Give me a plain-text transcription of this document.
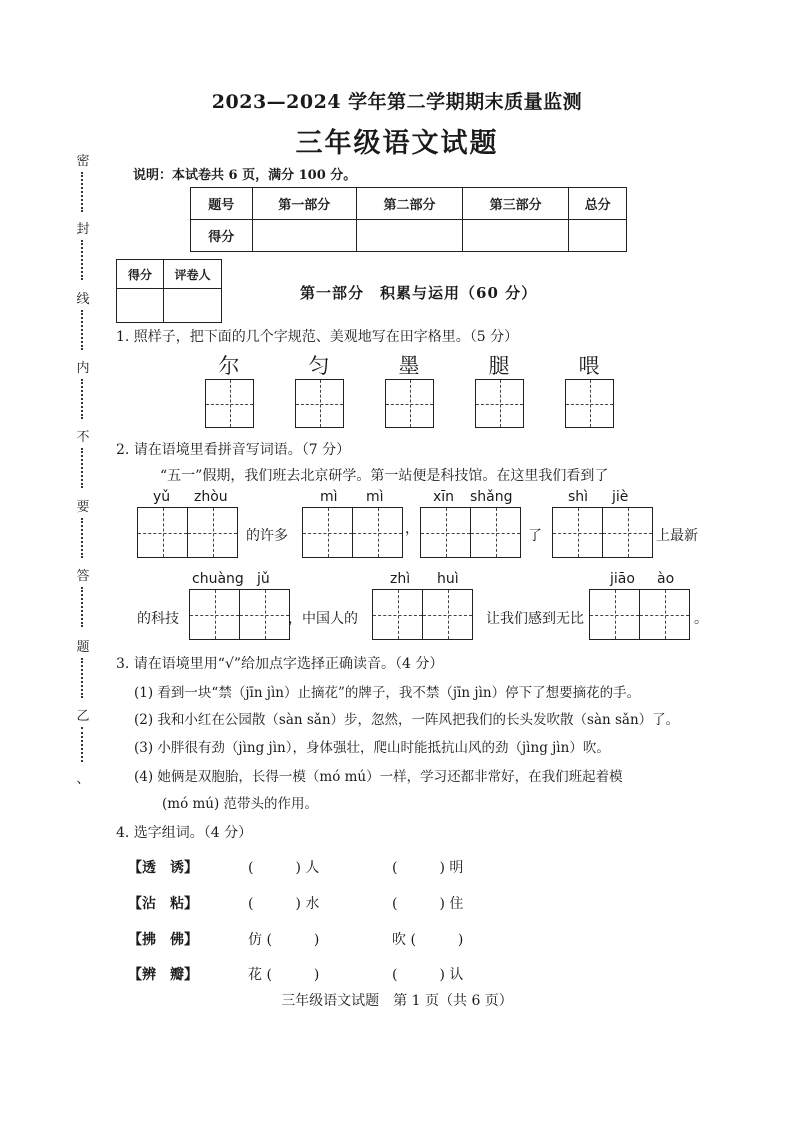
密
封
线
内
不
要
答
题
乙
、
2023—2024 学年第二学期期末质量监测
三年级语文试题
说明：本试卷共 6 页，满分 100 分。
题号	第一部分	第二部分	第三部分	总分
得分				
得分	评卷人

第一部分　积累与运用（60 分）
1. 照样子，把下面的几个字规范、美观地写在田字格里。（5 分）
尔	匀	墨	腿	喂
2. 请在语境里看拼音写词语。（7 分）
“五一”假期，我们班去北京研学。第一站便是科技馆。在这里我们看到了
yǔ zhòu	mì mì	xīn shǎng	shì jiè
的许多	，	了	上最新
chuàng jǔ	zhì huì	jiāo ào
的科技	，中国人的	让我们感到无比	。
3. 请在语境里用“√”给加点字选择正确读音。（4 分）
(1) 看到一块“禁（jīn jìn）止摘花”的牌子，我不禁（jīn jìn）停下了想要摘花的手。
(2) 我和小红在公园散（sàn sǎn）步，忽然，一阵风把我们的长头发吹散（sàn sǎn）了。
(3) 小胖很有劲（jìng jìn），身体强壮，爬山时能抵抗山风的劲（jìng jìn）吹。
(4) 她俩是双胞胎，长得一模（mó mú）一样，学习还都非常好，在我们班起着模
(mó mú) 范带头的作用。
4. 选字组词。（4 分）
【透　诱】	(　　　) 人	(　　　) 明
【沾　粘】	(　　　) 水	(　　　) 住
【拂　佛】	仿 (　　　)	吹 (　　　)
【辨　瓣】	花 (　　　)	(　　　) 认
三年级语文试题　第 1 页（共 6 页）
